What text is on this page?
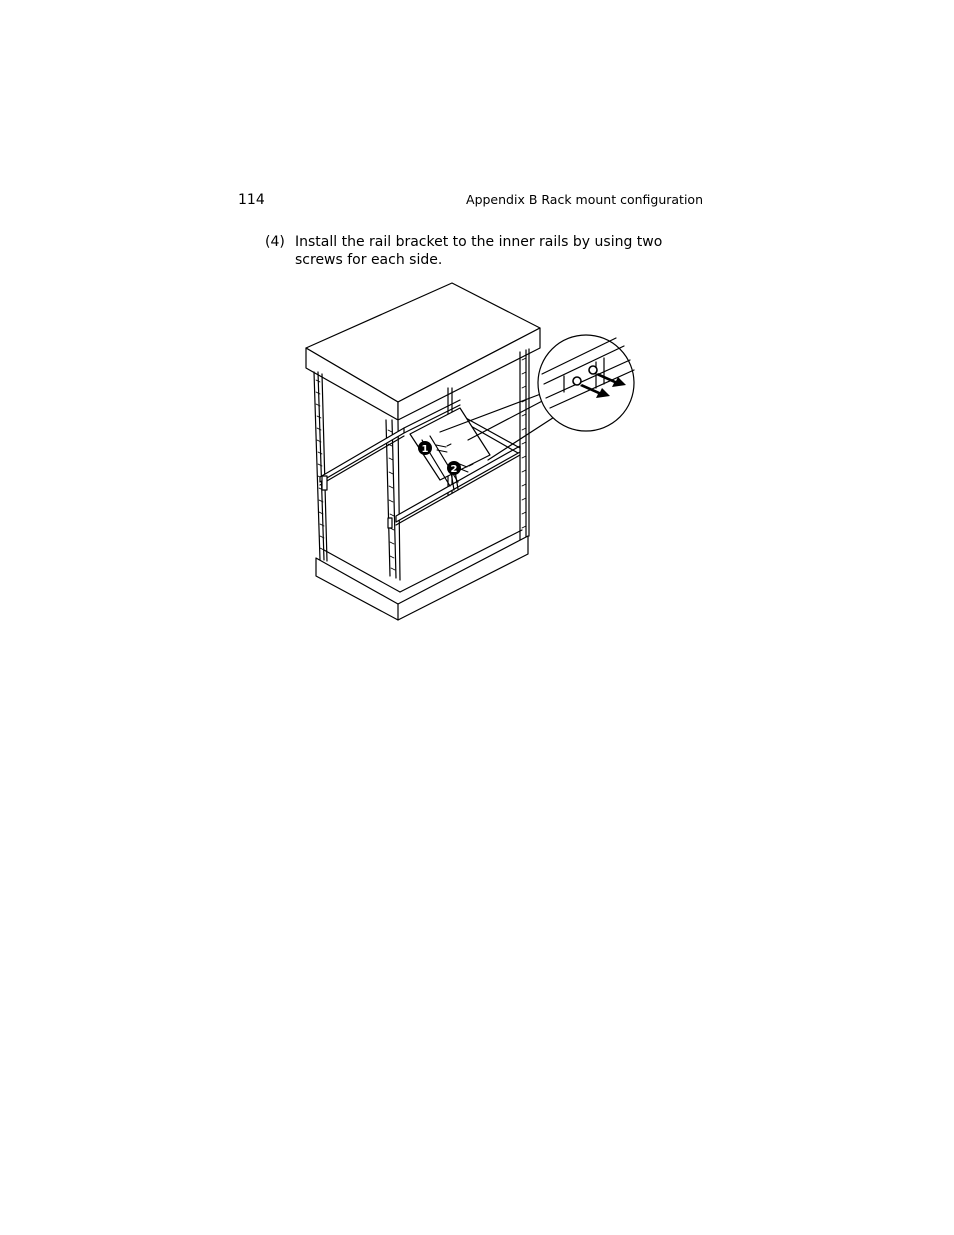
114	Appendix B Rack mount configuration
(4) Install the rail bracket to the inner rails by using two screws for each side.
1
2
